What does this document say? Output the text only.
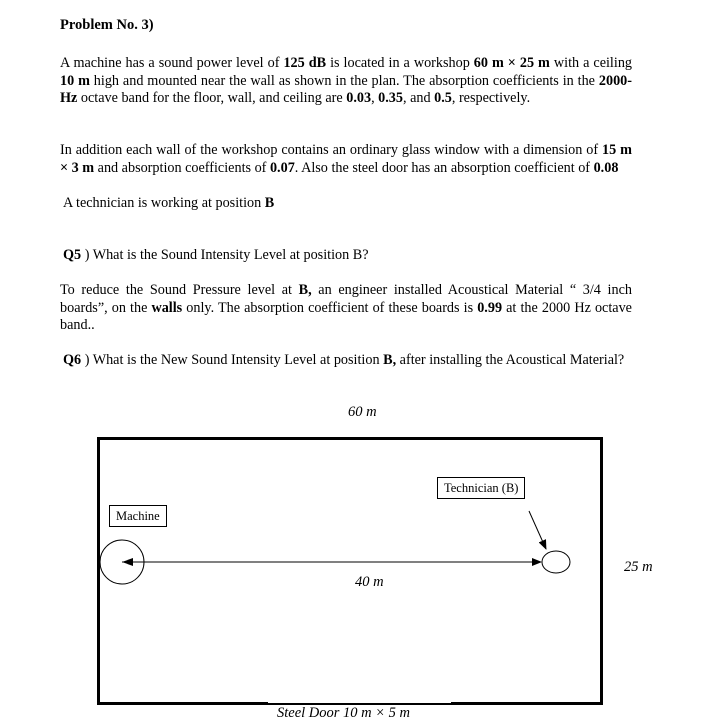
Problem No. 3)
A machine has a sound power level of 125 dB is located in a workshop 60 m × 25 m with a ceiling 10 m high and mounted near the wall as shown in the plan. The absorption coefficients in the 2000-Hz octave band for the floor, wall, and ceiling are 0.03, 0.35, and 0.5, respectively.
In addition each wall of the workshop contains an ordinary glass window with a dimension of 15 m × 3 m and absorption coefficients of 0.07. Also the steel door has an absorption coefficient of 0.08
A technician is working at position B
Q5 ) What is the Sound Intensity Level at position B?
To reduce the Sound Pressure level at B, an engineer installed Acoustical Material “ 3/4 inch boards”, on the walls only. The absorption coefficient of these boards is 0.99 at the 2000 Hz octave band..
Q6 ) What is the New Sound Intensity Level at position B, after installing the Acoustical Material?
60 m
Machine
Technician (B)
40 m
25 m
Steel Door 10 m × 5 m
